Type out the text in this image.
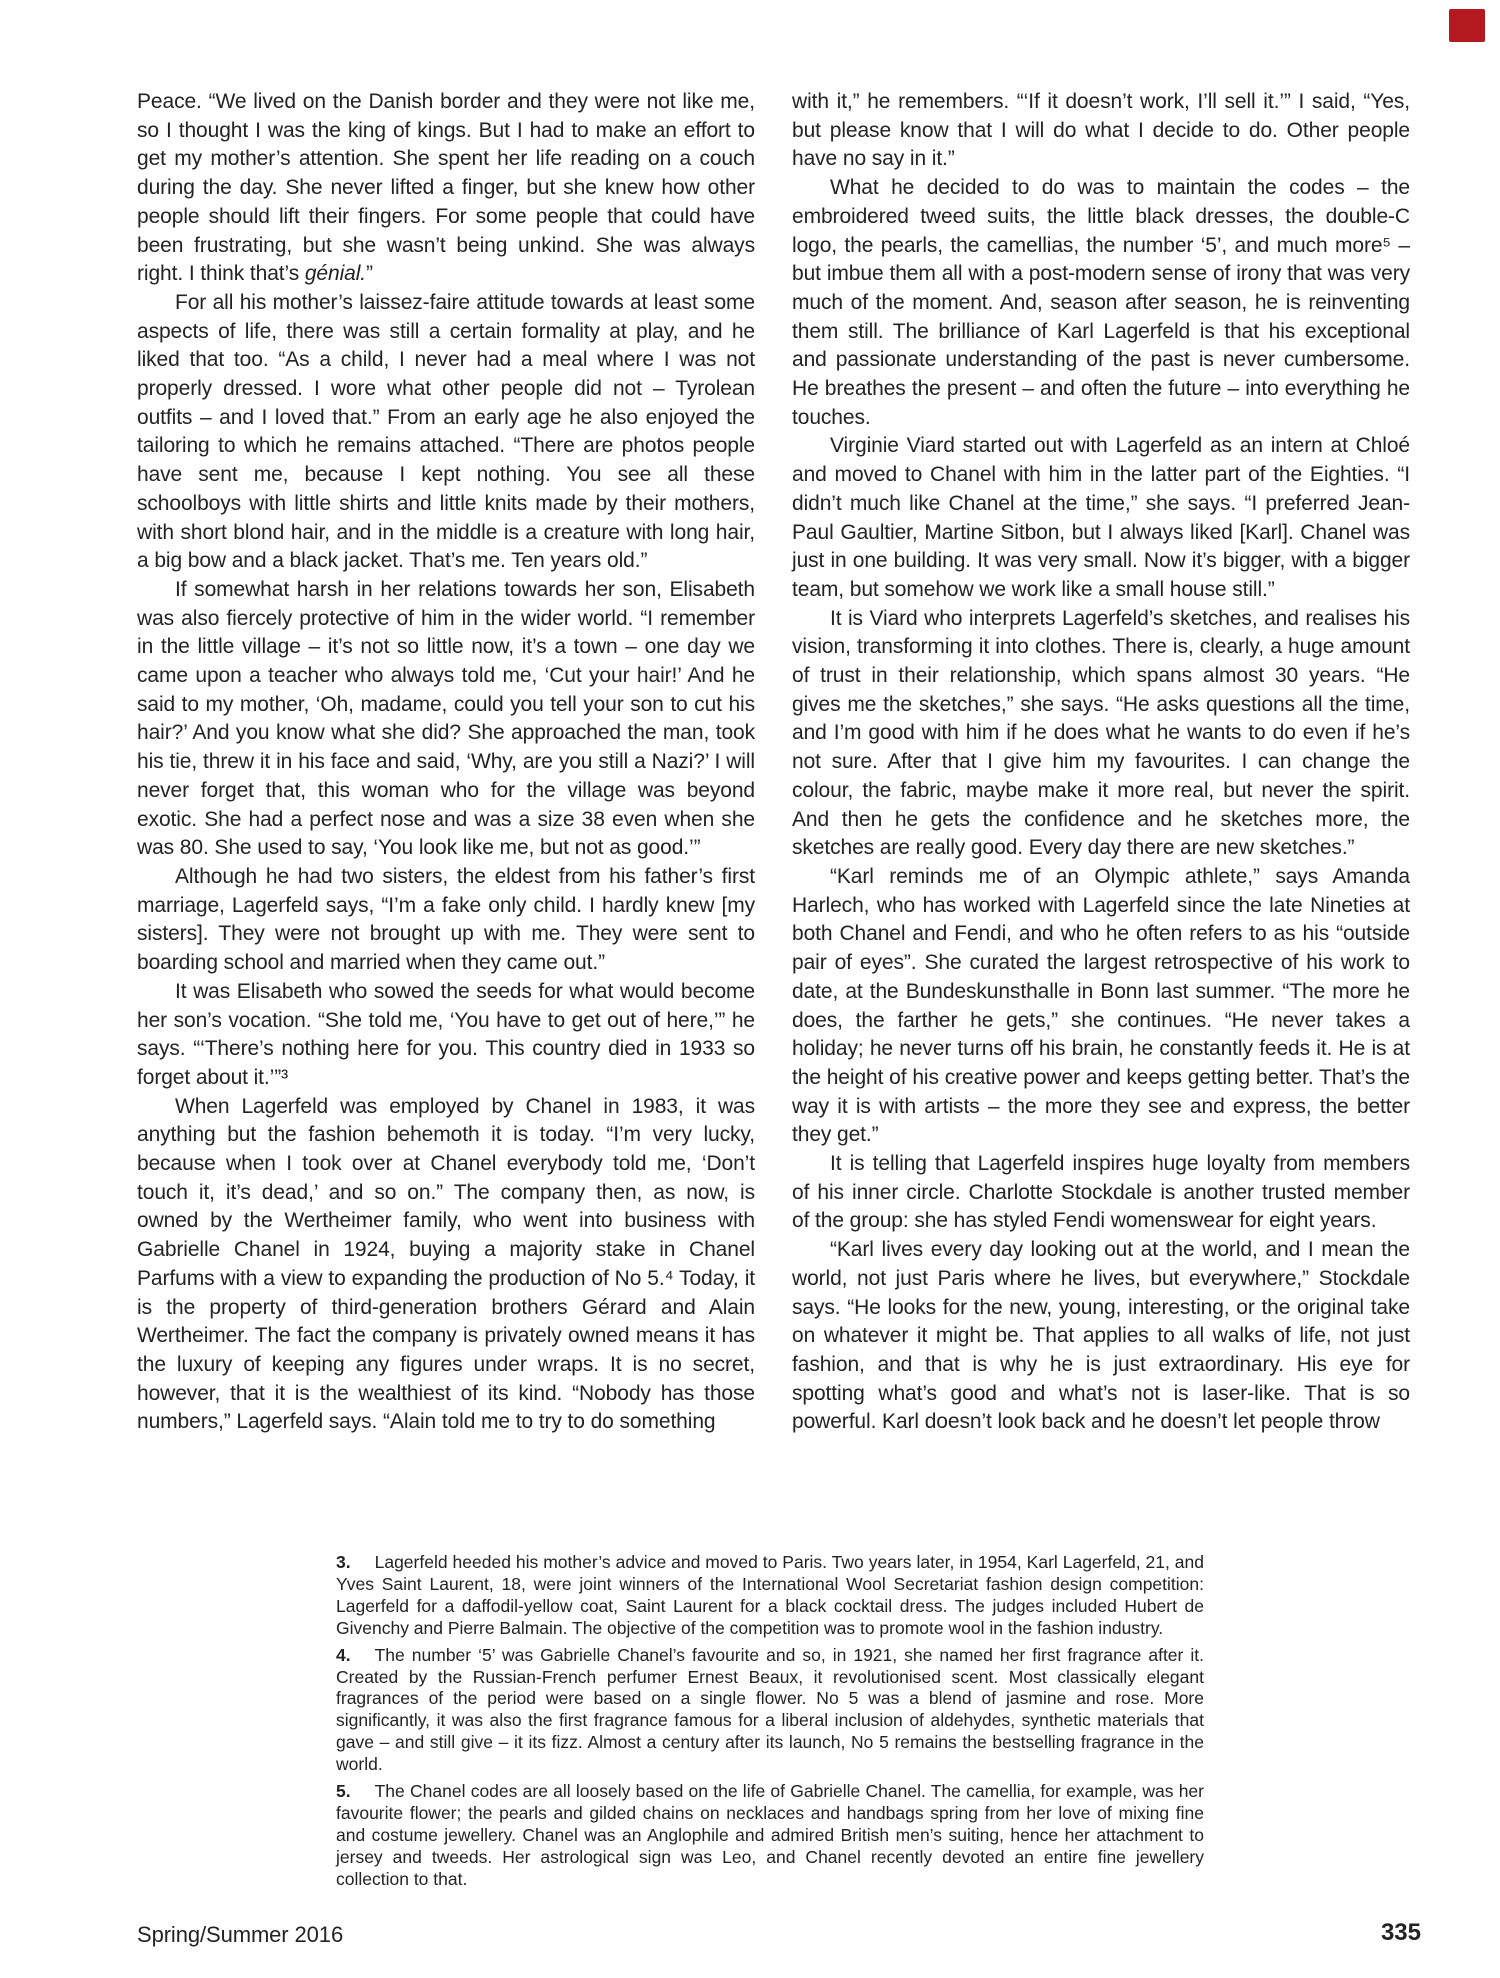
Peace. “We lived on the Danish border and they were not like me, so I thought I was the king of kings. But I had to make an effort to get my mother’s attention. She spent her life reading on a couch during the day. She never lifted a finger, but she knew how other people should lift their fingers. For some people that could have been frustrating, but she wasn’t being unkind. She was always right. I think that’s génial.”

For all his mother’s laissez-faire attitude towards at least some aspects of life, there was still a certain formality at play, and he liked that too. “As a child, I never had a meal where I was not properly dressed. I wore what other people did not – Tyrolean outfits – and I loved that.” From an early age he also enjoyed the tailoring to which he remains attached. “There are photos people have sent me, because I kept nothing. You see all these schoolboys with little shirts and little knits made by their mothers, with short blond hair, and in the middle is a creature with long hair, a big bow and a black jacket. That’s me. Ten years old.”

If somewhat harsh in her relations towards her son, Elisabeth was also fiercely protective of him in the wider world. “I remember in the little village – it’s not so little now, it’s a town – one day we came upon a teacher who always told me, ‘Cut your hair!’ And he said to my mother, ‘Oh, madame, could you tell your son to cut his hair?’ And you know what she did? She approached the man, took his tie, threw it in his face and said, ‘Why, are you still a Nazi?’ I will never forget that, this woman who for the village was beyond exotic. She had a perfect nose and was a size 38 even when she was 80. She used to say, ‘You look like me, but not as good.’”

Although he had two sisters, the eldest from his father’s first marriage, Lagerfeld says, “I’m a fake only child. I hardly knew [my sisters]. They were not brought up with me. They were sent to boarding school and married when they came out.”

It was Elisabeth who sowed the seeds for what would become her son’s vocation. “She told me, ‘You have to get out of here,’” he says. “‘There’s nothing here for you. This country died in 1933 so forget about it.’”³

When Lagerfeld was employed by Chanel in 1983, it was anything but the fashion behemoth it is today. “I’m very lucky, because when I took over at Chanel everybody told me, ‘Don’t touch it, it’s dead,’ and so on.” The company then, as now, is owned by the Wertheimer family, who went into business with Gabrielle Chanel in 1924, buying a majority stake in Chanel Parfums with a view to expanding the production of No 5.⁴ Today, it is the property of third-generation brothers Gérard and Alain Wertheimer. The fact the company is privately owned means it has the luxury of keeping any figures under wraps. It is no secret, however, that it is the wealthiest of its kind. “Nobody has those numbers,” Lagerfeld says. “Alain told me to try to do something

with it,” he remembers. “‘If it doesn’t work, I’ll sell it.’” I said, “Yes, but please know that I will do what I decide to do. Other people have no say in it.”

What he decided to do was to maintain the codes – the embroidered tweed suits, the little black dresses, the double-C logo, the pearls, the camellias, the number ‘5’, and much more⁵ – but imbue them all with a post-modern sense of irony that was very much of the moment. And, season after season, he is reinventing them still. The brilliance of Karl Lagerfeld is that his exceptional and passionate understanding of the past is never cumbersome. He breathes the present – and often the future – into everything he touches.

Virginie Viard started out with Lagerfeld as an intern at Chloé and moved to Chanel with him in the latter part of the Eighties. “I didn’t much like Chanel at the time,” she says. “I preferred Jean-Paul Gaultier, Martine Sitbon, but I always liked [Karl]. Chanel was just in one building. It was very small. Now it’s bigger, with a bigger team, but somehow we work like a small house still.”

It is Viard who interprets Lagerfeld’s sketches, and realises his vision, transforming it into clothes. There is, clearly, a huge amount of trust in their relationship, which spans almost 30 years. “He gives me the sketches,” she says. “He asks questions all the time, and I’m good with him if he does what he wants to do even if he’s not sure. After that I give him my favourites. I can change the colour, the fabric, maybe make it more real, but never the spirit. And then he gets the confidence and he sketches more, the sketches are really good. Every day there are new sketches.”

“Karl reminds me of an Olympic athlete,” says Amanda Harlech, who has worked with Lagerfeld since the late Nineties at both Chanel and Fendi, and who he often refers to as his “outside pair of eyes”. She curated the largest retrospective of his work to date, at the Bundeskunsthalle in Bonn last summer. “The more he does, the farther he gets,” she continues. “He never takes a holiday; he never turns off his brain, he constantly feeds it. He is at the height of his creative power and keeps getting better. That’s the way it is with artists – the more they see and express, the better they get.”

It is telling that Lagerfeld inspires huge loyalty from members of his inner circle. Charlotte Stockdale is another trusted member of the group: she has styled Fendi womenswear for eight years.

“Karl lives every day looking out at the world, and I mean the world, not just Paris where he lives, but everywhere,” Stockdale says. “He looks for the new, young, interesting, or the original take on whatever it might be. That applies to all walks of life, not just fashion, and that is why he is just extraordinary. His eye for spotting what’s good and what’s not is laser-like. That is so powerful. Karl doesn’t look back and he doesn’t let people throw

3. Lagerfeld heeded his mother’s advice and moved to Paris. Two years later, in 1954, Karl Lagerfeld, 21, and Yves Saint Laurent, 18, were joint winners of the International Wool Secretariat fashion design competition: Lagerfeld for a daffodil-yellow coat, Saint Laurent for a black cocktail dress. The judges included Hubert de Givenchy and Pierre Balmain. The objective of the competition was to promote wool in the fashion industry.

4. The number ‘5’ was Gabrielle Chanel’s favourite and so, in 1921, she named her first fragrance after it. Created by the Russian-French perfumer Ernest Beaux, it revolutionised scent. Most classically elegant fragrances of the period were based on a single flower. No 5 was a blend of jasmine and rose. More significantly, it was also the first fragrance famous for a liberal inclusion of aldehydes, synthetic materials that gave – and still give – it its fizz. Almost a century after its launch, No 5 remains the bestselling fragrance in the world.

5. The Chanel codes are all loosely based on the life of Gabrielle Chanel. The camellia, for example, was her favourite flower; the pearls and gilded chains on necklaces and handbags spring from her love of mixing fine and costume jewellery. Chanel was an Anglophile and admired British men’s suiting, hence her attachment to jersey and tweeds. Her astrological sign was Leo, and Chanel recently devoted an entire fine jewellery collection to that.

Spring/Summer 2016	335
